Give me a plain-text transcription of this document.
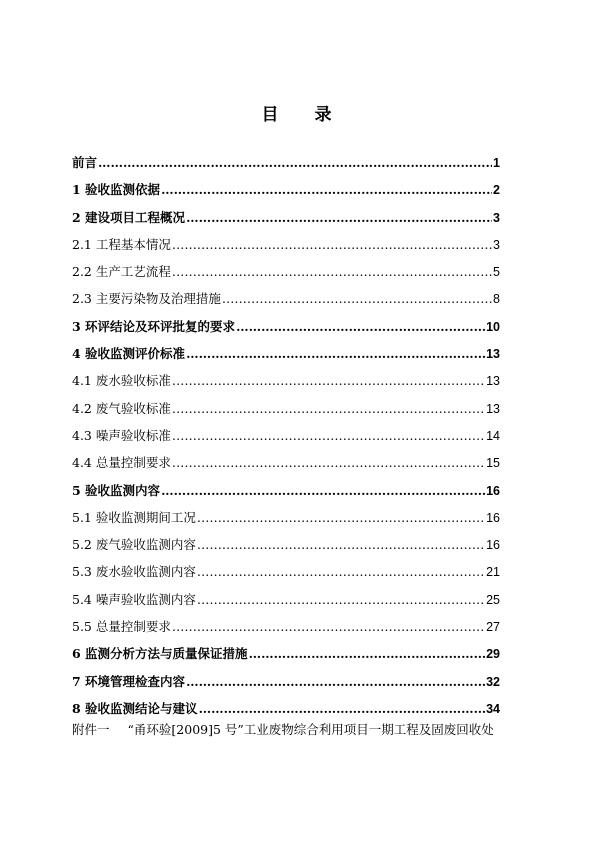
目 录
前言 ……………………………………………………………………………………………………………………………………………………	1
1 验收监测依据 ……………………………………………………………………………………………………………………………………………………	2
2 建设项目工程概况 ……………………………………………………………………………………………………………………………………………………	3
2.1 工程基本情况 ……………………………………………………………………………………………………………………………………………………	3
2.2 生产工艺流程 ……………………………………………………………………………………………………………………………………………………	5
2.3 主要污染物及治理措施 ……………………………………………………………………………………………………………………………………………………	8
3 环评结论及环评批复的要求 ……………………………………………………………………………………………………………………………………………………	10
4 验收监测评价标准 ……………………………………………………………………………………………………………………………………………………	13
4.1 废水验收标准 ……………………………………………………………………………………………………………………………………………………	13
4.2 废气验收标准 ……………………………………………………………………………………………………………………………………………………	13
4.3 噪声验收标准 ……………………………………………………………………………………………………………………………………………………	14
4.4 总量控制要求 ……………………………………………………………………………………………………………………………………………………	15
5 验收监测内容 ……………………………………………………………………………………………………………………………………………………	16
5.1 验收监测期间工况 ……………………………………………………………………………………………………………………………………………………	16
5.2 废气验收监测内容 ……………………………………………………………………………………………………………………………………………………	16
5.3 废水验收监测内容 ……………………………………………………………………………………………………………………………………………………	21
5.4 噪声验收监测内容 ……………………………………………………………………………………………………………………………………………………	25
5.5 总量控制要求 ……………………………………………………………………………………………………………………………………………………	27
6 监测分析方法与质量保证措施 ……………………………………………………………………………………………………………………………………………………	29
7 环境管理检查内容 ……………………………………………………………………………………………………………………………………………………	32
8 验收监测结论与建议 ……………………………………………………………………………………………………………………………………………………	34
附件一 “甬环验[2009]5 号”工业废物综合利用项目一期工程及固废回收处
